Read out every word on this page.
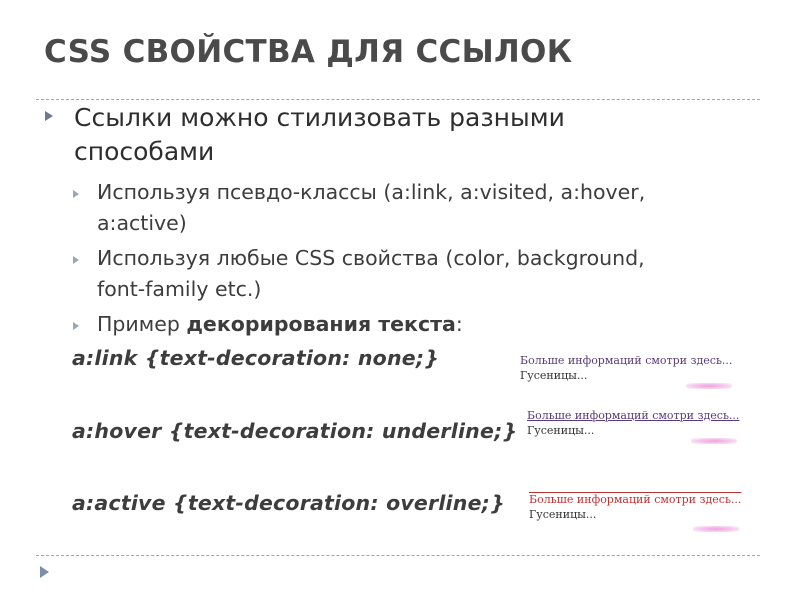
CSS СВОЙСТВА ДЛЯ ССЫЛОК
Ссылки можно стилизовать разными способами
Используя псевдо-классы (a:link, a:visited, a:hover, a:active)
Используя любые CSS свойства (color, background, font-family etc.)
Пример декорирования текста:
a:link {text-decoration: none;}
a:hover {text-decoration: underline;}
a:active {text-decoration: overline;}
Больше информаций смотри здесь...
Гусеницы...
Больше информаций смотри здесь...
Гусеницы...
Больше информаций смотри здесь...
Гусеницы...
